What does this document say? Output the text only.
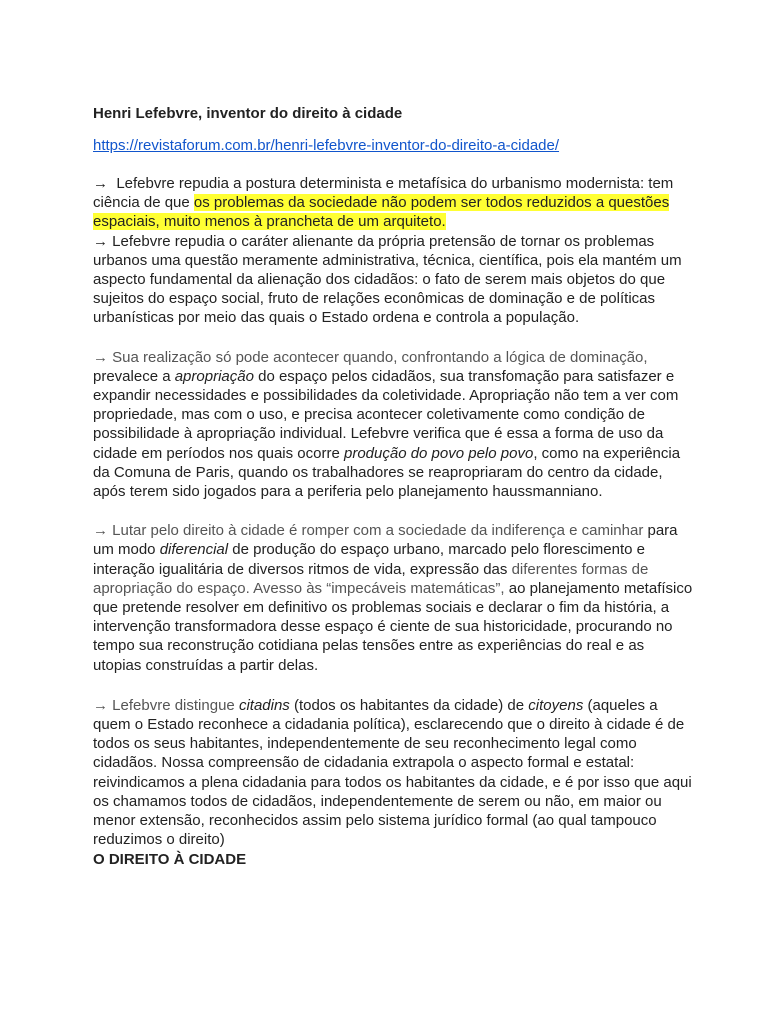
Henri Lefebvre, inventor do direito à cidade

https://revistaforum.com.br/henri-lefebvre-inventor-do-direito-a-cidade/

→  Lefebvre repudia a postura determinista e metafísica do urbanismo modernista: tem ciência de que os problemas da sociedade não podem ser todos reduzidos a questões espaciais, muito menos à prancheta de um arquiteto.

→ Lefebvre repudia o caráter alienante da própria pretensão de tornar os problemas urbanos uma questão meramente administrativa, técnica, científica, pois ela mantém um aspecto fundamental da alienação dos cidadãos: o fato de serem mais objetos do que sujeitos do espaço social, fruto de relações econômicas de dominação e de políticas urbanísticas por meio das quais o Estado ordena e controla a população.

→ Sua realização só pode acontecer quando, confrontando a lógica de dominação, prevalece a apropriação do espaço pelos cidadãos, sua transfomação para satisfazer e expandir necessidades e possibilidades da coletividade. Apropriação não tem a ver com propriedade, mas com o uso, e precisa acontecer coletivamente como condição de possibilidade à apropriação individual. Lefebvre verifica que é essa a forma de uso da cidade em períodos nos quais ocorre produção do povo pelo povo, como na experiência da Comuna de Paris, quando os trabalhadores se reapropriaram do centro da cidade, após terem sido jogados para a periferia pelo planejamento haussmanniano.

→ Lutar pelo direito à cidade é romper com a sociedade da indiferença e caminhar para um modo diferencial de produção do espaço urbano, marcado pelo florescimento e interação igualitária de diversos ritmos de vida, expressão das diferentes formas de apropriação do espaço. Avesso às “impecáveis matemáticas”, ao planejamento metafísico que pretende resolver em definitivo os problemas sociais e declarar o fim da história, a intervenção transformadora desse espaço é ciente de sua historicidade, procurando no tempo sua reconstrução cotidiana pelas tensões entre as experiências do real e as utopias construídas a partir delas.

→ Lefebvre distingue citadins (todos os habitantes da cidade) de citoyens (aqueles a quem o Estado reconhece a cidadania política), esclarecendo que o direito à cidade é de todos os seus habitantes, independentemente de seu reconhecimento legal como cidadãos. Nossa compreensão de cidadania extrapola o aspecto formal e estatal: reivindicamos a plena cidadania para todos os habitantes da cidade, e é por isso que aqui os chamamos todos de cidadãos, independentemente de serem ou não, em maior ou menor extensão, reconhecidos assim pelo sistema jurídico formal (ao qual tampouco reduzimos o direito)

O DIREITO À CIDADE
